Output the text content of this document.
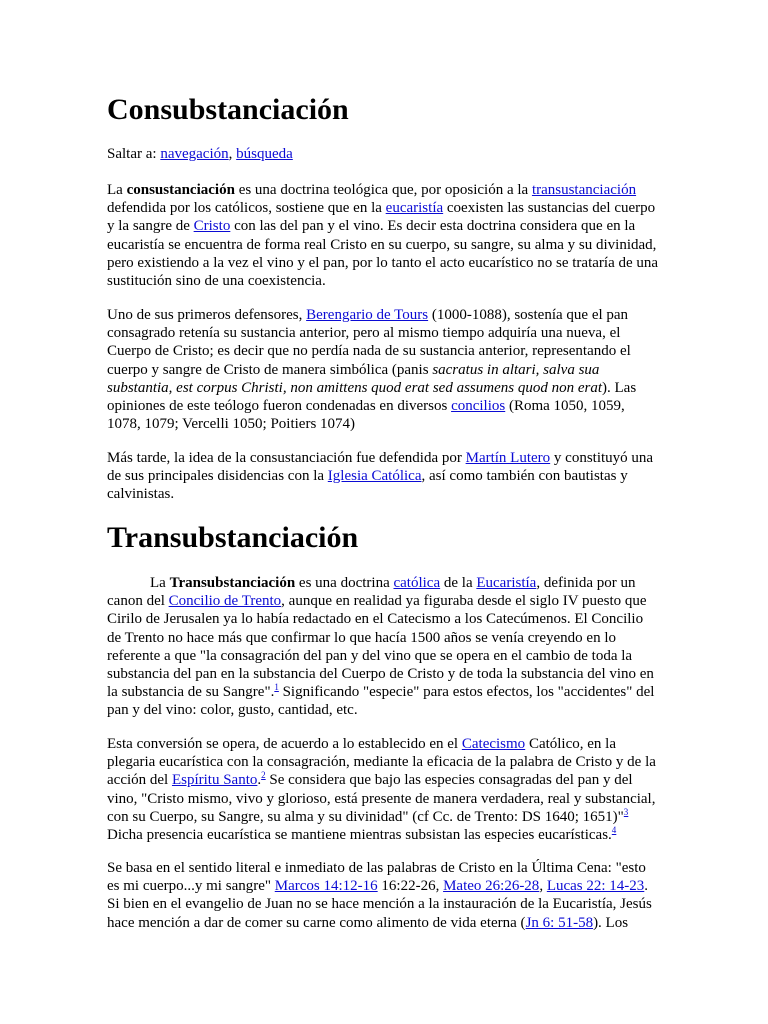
Consubstanciación
Saltar a: navegación, búsqueda
La consustanciación es una doctrina teológica que, por oposición a la transustanciación
defendida por los católicos, sostiene que en la eucaristía coexisten las sustancias del cuerpo
y la sangre de Cristo con las del pan y el vino. Es decir esta doctrina considera que en la
eucaristía se encuentra de forma real Cristo en su cuerpo, su sangre, su alma y su divinidad,
pero existiendo a la vez el vino y el pan, por lo tanto el acto eucarístico no se trataría de una
sustitución sino de una coexistencia.
Uno de sus primeros defensores, Berengario de Tours (1000-1088), sostenía que el pan
consagrado retenía su sustancia anterior, pero al mismo tiempo adquiría una nueva, el
Cuerpo de Cristo; es decir que no perdía nada de su sustancia anterior, representando el
cuerpo y sangre de Cristo de manera simbólica (panis sacratus in altari, salva sua
substantia, est corpus Christi, non amittens quod erat sed assumens quod non erat). Las
opiniones de este teólogo fueron condenadas en diversos concilios (Roma 1050, 1059,
1078, 1079; Vercelli 1050; Poitiers 1074)
Más tarde, la idea de la consustanciación fue defendida por Martín Lutero y constituyó una
de sus principales disidencias con la Iglesia Católica, así como también con bautistas y
calvinistas.
Transubstanciación
La Transubstanciación es una doctrina católica de la Eucaristía, definida por un
canon del Concilio de Trento, aunque en realidad ya figuraba desde el siglo IV puesto que
Cirilo de Jerusalen ya lo había redactado en el Catecismo a los Catecúmenos. El Concilio
de Trento no hace más que confirmar lo que hacía 1500 años se venía creyendo en lo
referente a que "la consagración del pan y del vino que se opera en el cambio de toda la
substancia del pan en la substancia del Cuerpo de Cristo y de toda la substancia del vino en
la substancia de su Sangre".$^1$ Significando "especie" para estos efectos, los "accidentes" del
pan y del vino: color, gusto, cantidad, etc.
Esta conversión se opera, de acuerdo a lo establecido en el Catecismo Católico, en la
plegaria eucarística con la consagración, mediante la eficacia de la palabra de Cristo y de la
acción del Espíritu Santo.$^2$ Se considera que bajo las especies consagradas del pan y del
vino, "Cristo mismo, vivo y glorioso, está presente de manera verdadera, real y substancial,
con su Cuerpo, su Sangre, su alma y su divinidad" (cf Cc. de Trento: DS 1640; 1651)"$^3$
Dicha presencia eucarística se mantiene mientras subsistan las especies eucarísticas.$^4$
Se basa en el sentido literal e inmediato de las palabras de Cristo en la Última Cena: "esto
es mi cuerpo...y mi sangre" Marcos 14:12-16 16:22-26, Mateo 26:26-28, Lucas 22: 14-23.
Si bien en el evangelio de Juan no se hace mención a la instauración de la Eucaristía, Jesús
hace mención a dar de comer su carne como alimento de vida eterna (Jn 6: 51-58). Los
